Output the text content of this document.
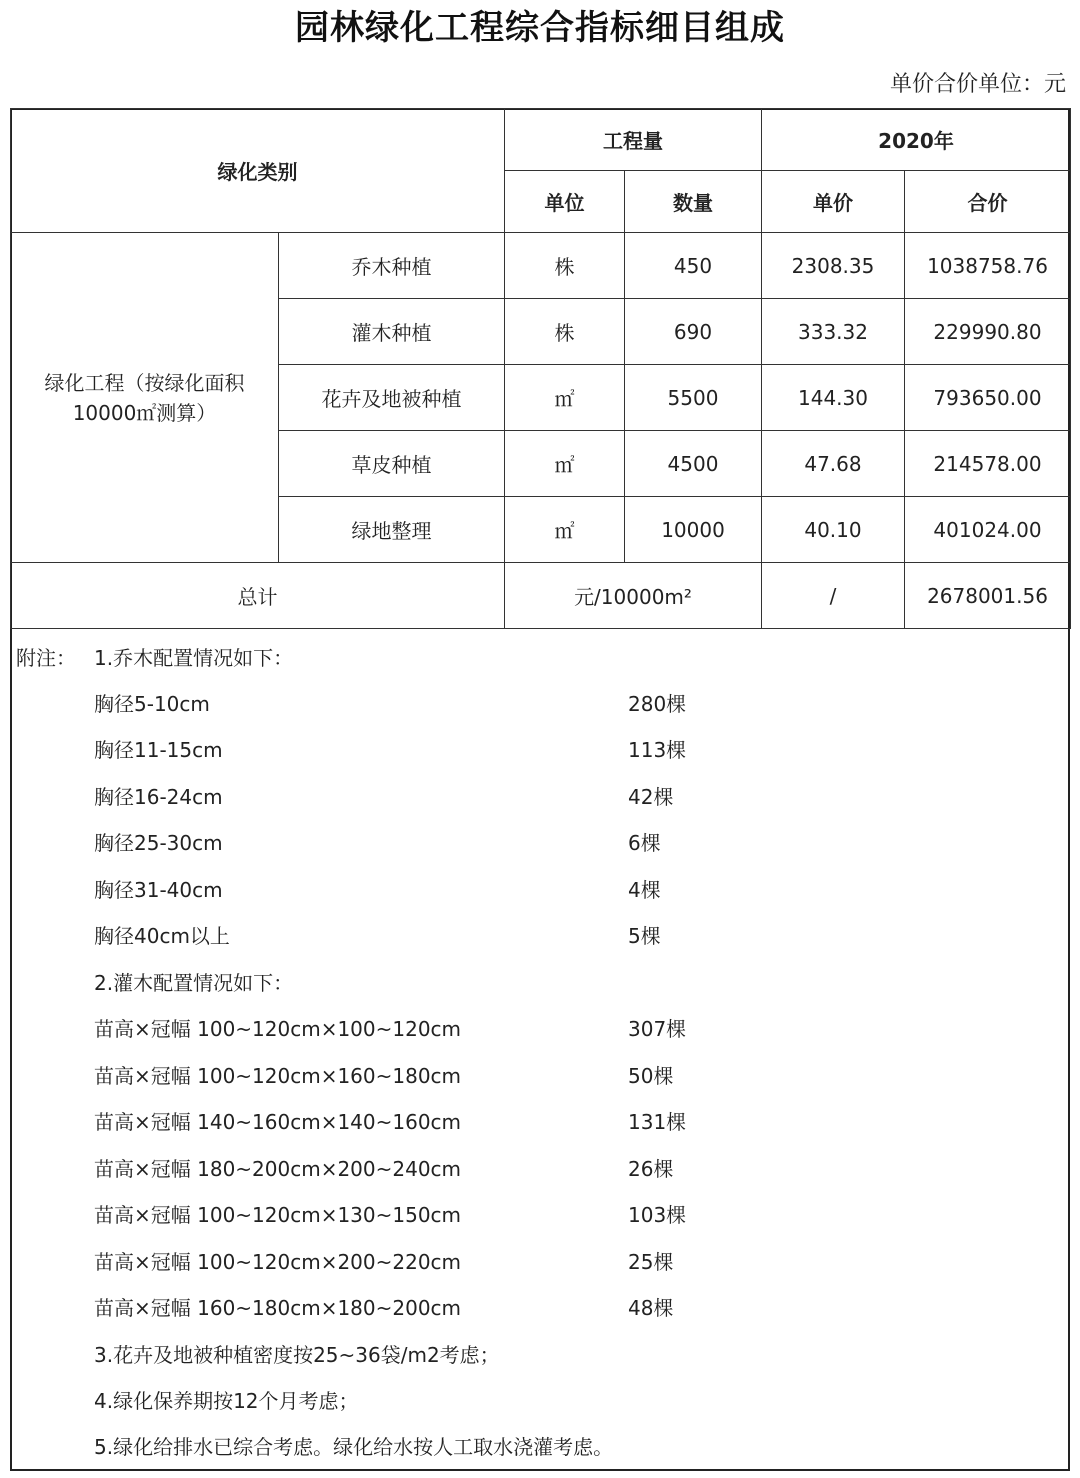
园林绿化工程综合指标细目组成
单价合价单位：元
绿化类别		工程量		2020年	
		单位	数量	单价	合价

绿化工程（按绿化面积
10000㎡测算）	乔木种植	株	450	2308.35	1038758.76
	灌木种植	株	690	333.32	229990.80
	花卉及地被种植	㎡	5500	144.30	793650.00
	草皮种植	㎡	4500	47.68	214578.00
	绿地整理	㎡	10000	40.10	401024.00
总计		元/10000m²		/	2678001.56
附注： 1.乔木配置情况如下：
胸径5-10cm	280棵
胸径11-15cm	113棵
胸径16-24cm	42棵
胸径25-30cm	6棵
胸径31-40cm	4棵
胸径40cm以上	5棵
2.灌木配置情况如下：
苗高×冠幅 100~120cm×100~120cm	307棵
苗高×冠幅 100~120cm×160~180cm	50棵
苗高×冠幅 140~160cm×140~160cm	131棵
苗高×冠幅 180~200cm×200~240cm	26棵
苗高×冠幅 100~120cm×130~150cm	103棵
苗高×冠幅 100~120cm×200~220cm	25棵
苗高×冠幅 160~180cm×180~200cm	48棵
3.花卉及地被种植密度按25~36袋/m2考虑；
4.绿化保养期按12个月考虑；
5.绿化给排水已综合考虑。绿化给水按人工取水浇灌考虑。
